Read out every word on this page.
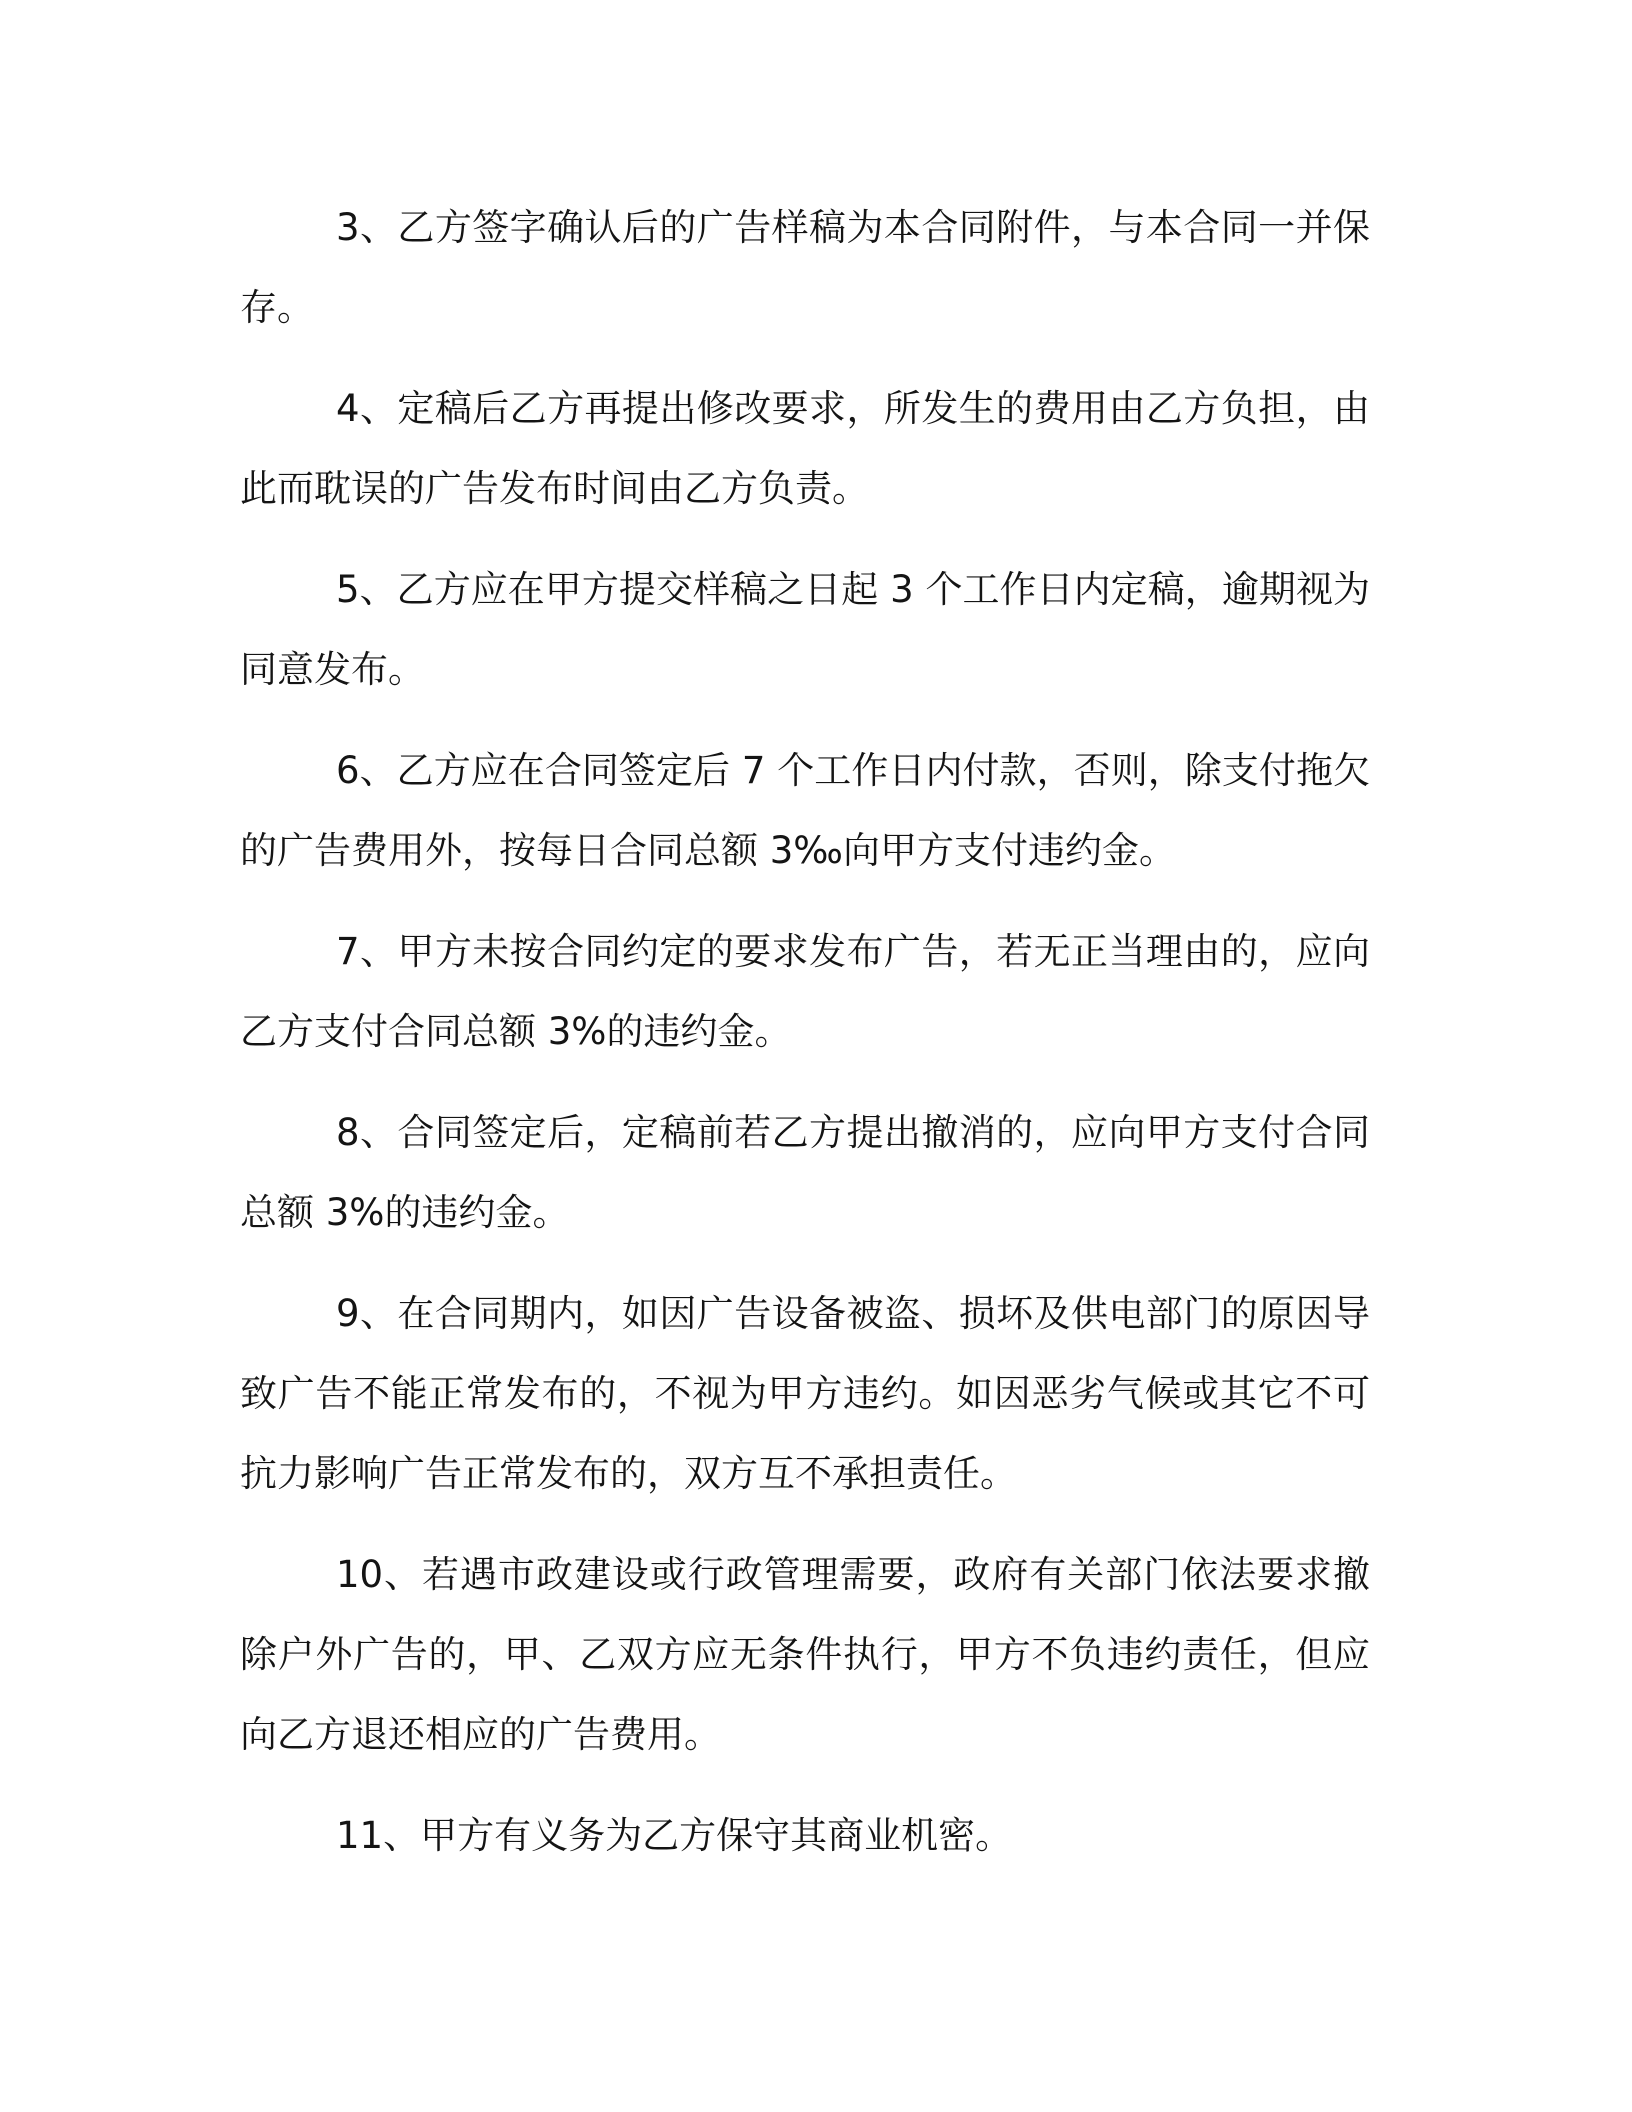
3、乙方签字确认后的广告样稿为本合同附件，与本合同一并保存。

4、定稿后乙方再提出修改要求，所发生的费用由乙方负担，由此而耽误的广告发布时间由乙方负责。

5、乙方应在甲方提交样稿之日起 3 个工作日内定稿，逾期视为同意发布。

6、乙方应在合同签定后 7 个工作日内付款，否则，除支付拖欠的广告费用外，按每日合同总额 3‰向甲方支付违约金。

7、甲方未按合同约定的要求发布广告，若无正当理由的，应向乙方支付合同总额 3%的违约金。

8、合同签定后，定稿前若乙方提出撤消的，应向甲方支付合同总额 3%的违约金。

9、在合同期内，如因广告设备被盗、损坏及供电部门的原因导致广告不能正常发布的，不视为甲方违约。如因恶劣气候或其它不可抗力影响广告正常发布的，双方互不承担责任。

10、若遇市政建设或行政管理需要，政府有关部门依法要求撤除户外广告的，甲、乙双方应无条件执行，甲方不负违约责任，但应向乙方退还相应的广告费用。

11、甲方有义务为乙方保守其商业机密。
